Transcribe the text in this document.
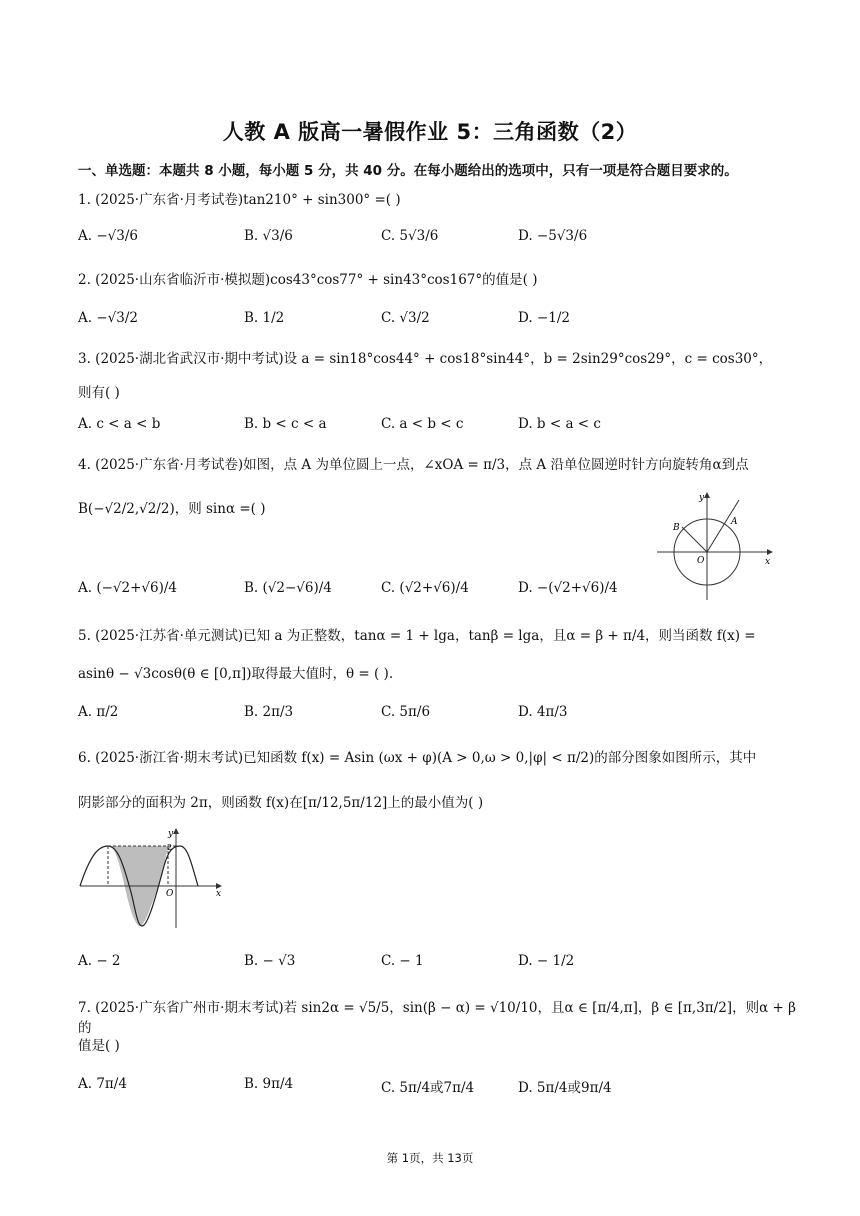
人教 A 版高一暑假作业 5：三角函数（2）
一、单选题：本题共 8 小题，每小题 5 分，共 40 分。在每小题给出的选项中，只有一项是符合题目要求的。
1. (2025·广东省·月考试卷)tan210° + sin300° =( )
A. −√3/6	B. √3/6	C. 5√3/6	D. −5√3/6
2. (2025·山东省临沂市·模拟题)cos43°cos77° + sin43°cos167°的值是( )
A. −√3/2	B. 1/2	C. √3/2	D. −1/2
3. (2025·湖北省武汉市·期中考试)设 a = sin18°cos44° + cos18°sin44°，b = 2sin29°cos29°，c = cos30°，
则有( )
A. c < a < b	B. b < c < a	C. a < b < c	D. b < a < c
4. (2025·广东省·月考试卷)如图，点 A 为单位圆上一点，∠xOA = π/3，点 A 沿单位圆逆时针方向旋转角α到点
B(−√2/2,√2/2)，则 sinα =( )
A. (−√2+√6)/4	B. (√2−√6)/4	C. (√2+√6)/4	D. −(√2+√6)/4
x
y
O
A
B
5. (2025·江苏省·单元测试)已知 a 为正整数，tanα = 1 + lga，tanβ = lga，且α = β + π/4，则当函数 f(x) =
asinθ − √3cosθ(θ ∈ [0,π])取得最大值时，θ = ( ).
A. π/2	B. 2π/3	C. 5π/6	D. 4π/3
6. (2025·浙江省·期末考试)已知函数 f(x) = Asin (ωx + φ)(A > 0,ω > 0,|φ| < π/2)的部分图象如图所示，其中
阴影部分的面积为 2π，则函数 f(x)在[π/12,5π/12]上的最小值为( )
x
y
O
2
A. − 2	B. − √3	C. − 1	D. − 1/2
7. (2025·广东省广州市·期末考试)若 sin2α = √5/5，sin(β − α) = √10/10，且α ∈ [π/4,π]，β ∈ [π,3π/2]，则α + β的
值是( )
A. 7π/4	B. 9π/4	C. 5π/4或7π/4	D. 5π/4或9π/4
第 1页，共 13页
